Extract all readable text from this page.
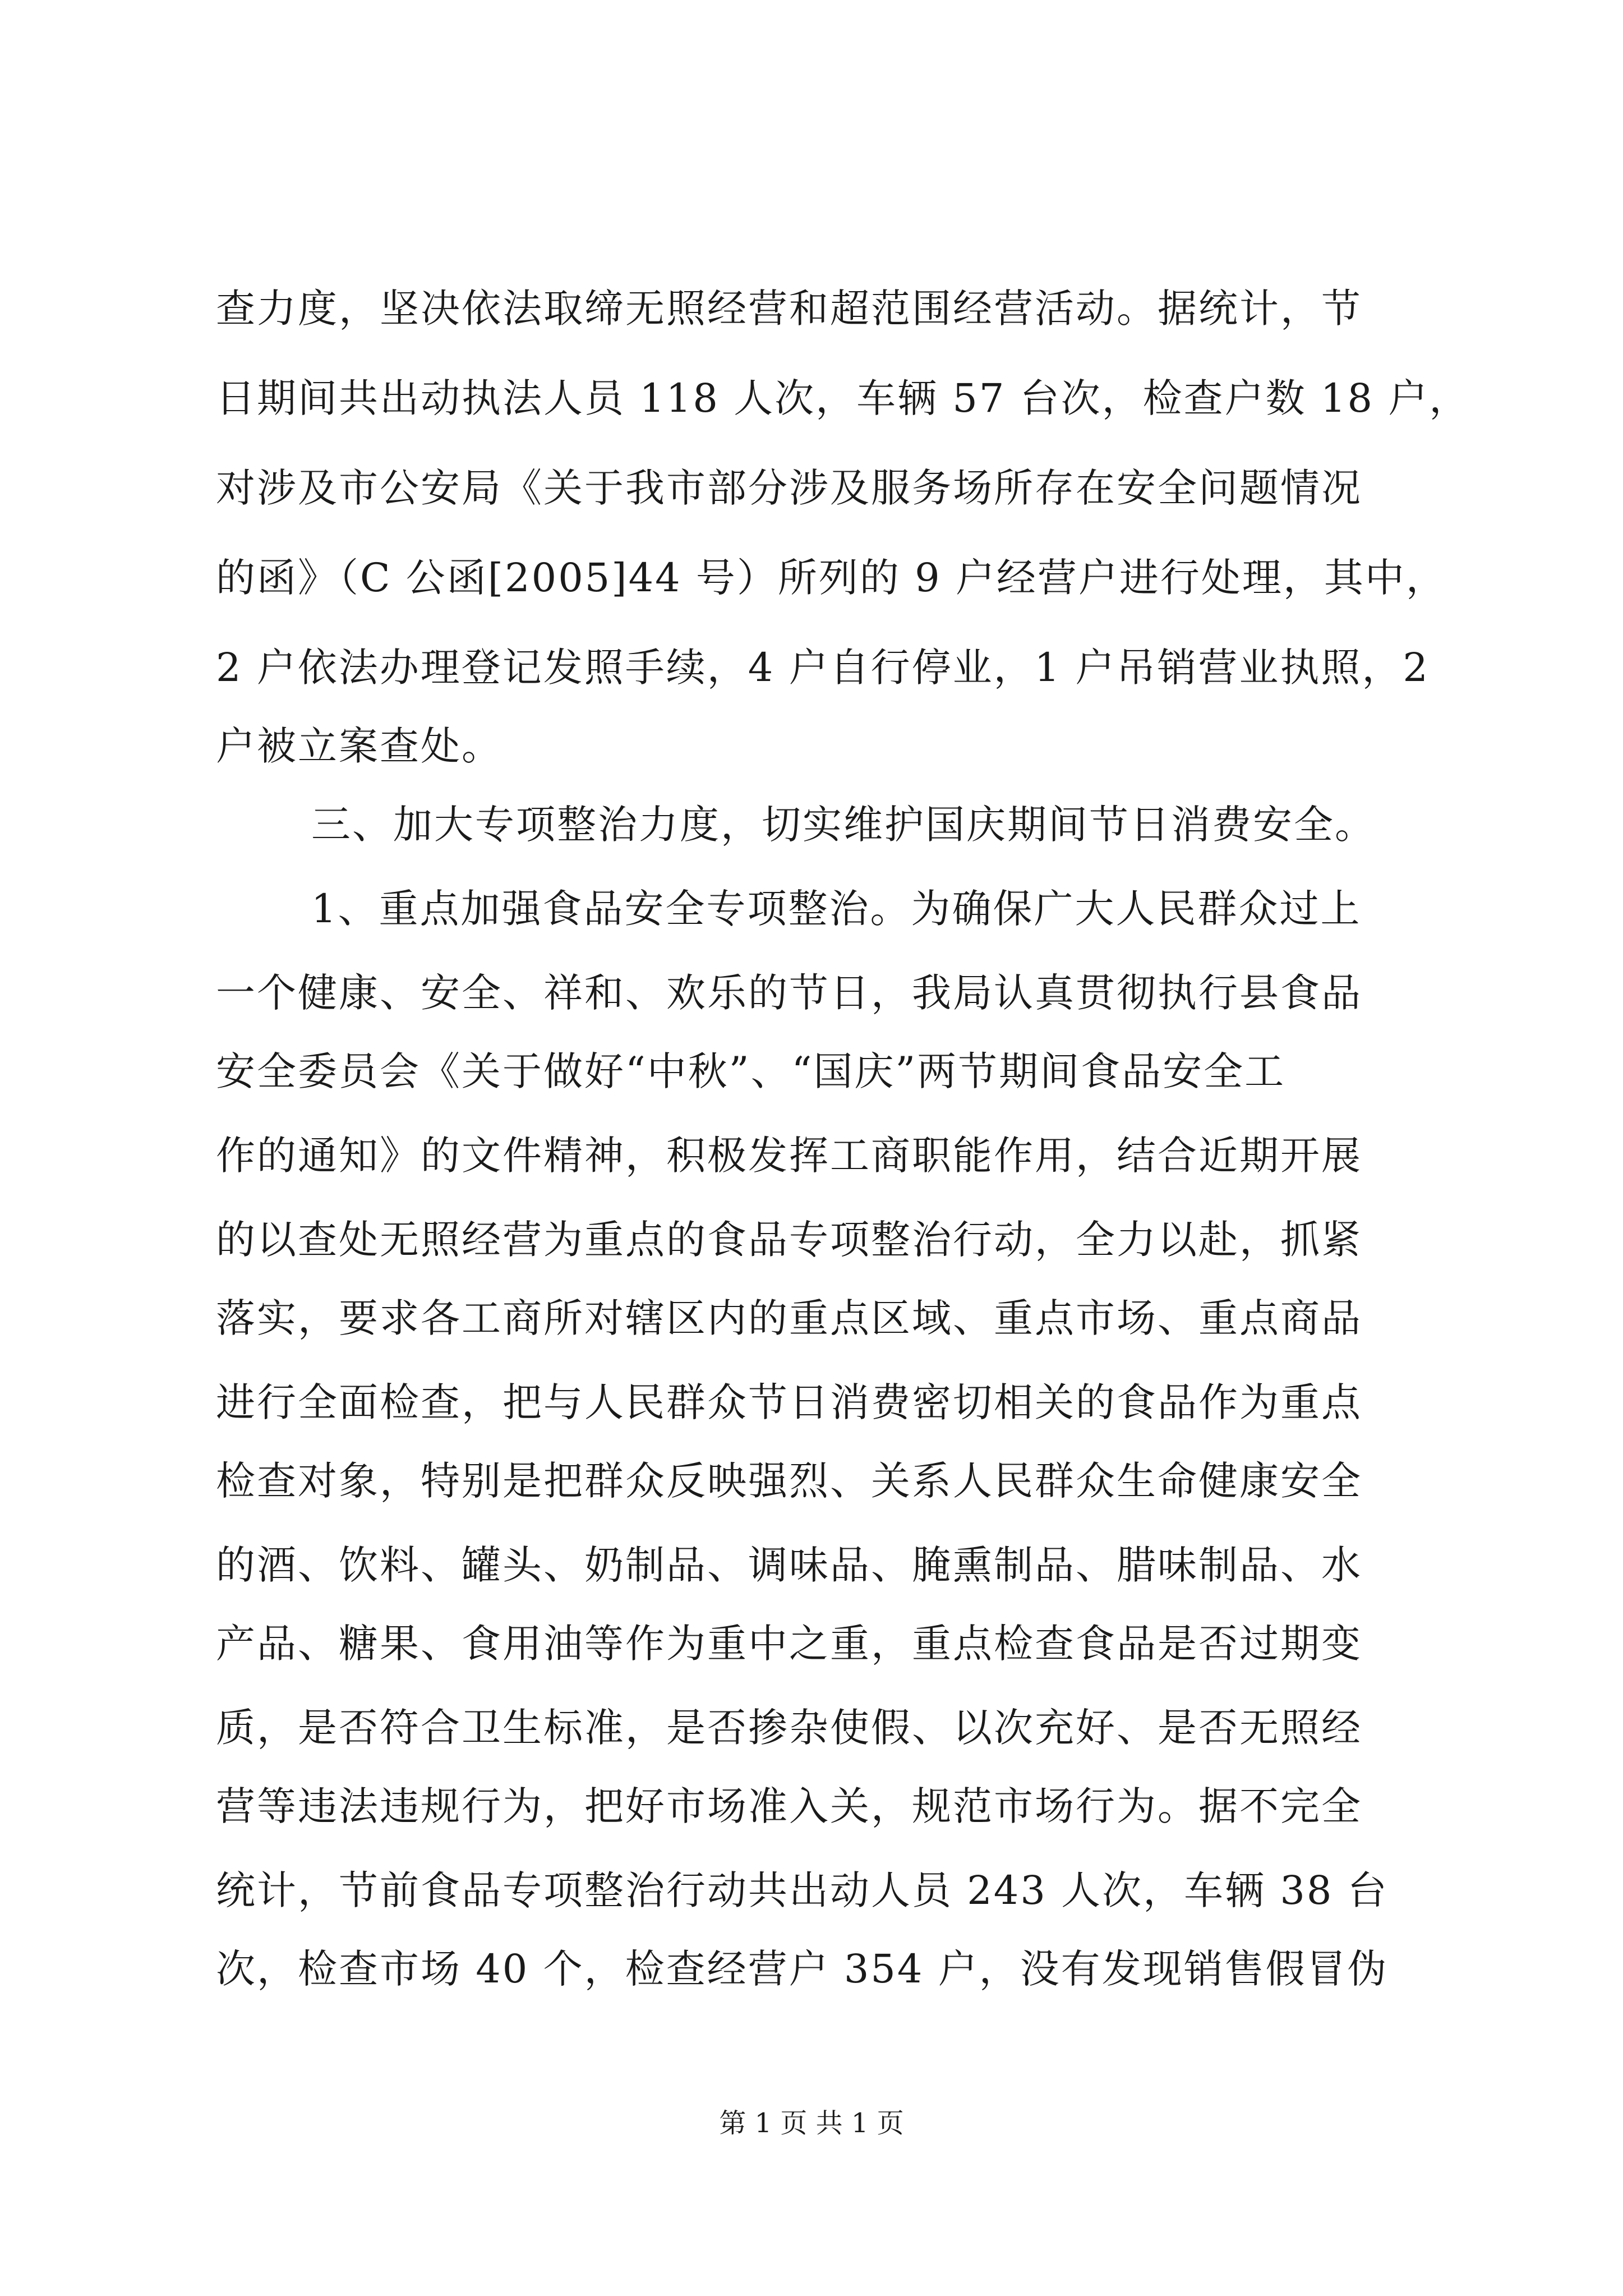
查力度，坚决依法取缔无照经营和超范围经营活动。据统计，节
日期间共出动执法人员 118 人次，车辆 57 台次，检查户数 18 户，
对涉及市公安局《关于我市部分涉及服务场所存在安全问题情况
的函》（C 公函[2005]44 号）所列的 9 户经营户进行处理，其中，
2 户依法办理登记发照手续，4 户自行停业，1 户吊销营业执照，2
户被立案查处。
三、加大专项整治力度，切实维护国庆期间节日消费安全。
1、重点加强食品安全专项整治。为确保广大人民群众过上
一个健康、安全、祥和、欢乐的节日，我局认真贯彻执行县食品
安全委员会《关于做好“中秋”、“国庆”两节期间食品安全工
作的通知》的文件精神，积极发挥工商职能作用，结合近期开展
的以查处无照经营为重点的食品专项整治行动，全力以赴，抓紧
落实，要求各工商所对辖区内的重点区域、重点市场、重点商品
进行全面检查，把与人民群众节日消费密切相关的食品作为重点
检查对象，特别是把群众反映强烈、关系人民群众生命健康安全
的酒、饮料、罐头、奶制品、调味品、腌熏制品、腊味制品、水
产品、糖果、食用油等作为重中之重，重点检查食品是否过期变
质，是否符合卫生标准，是否掺杂使假、以次充好、是否无照经
营等违法违规行为，把好市场准入关，规范市场行为。据不完全
统计，节前食品专项整治行动共出动人员 243 人次，车辆 38 台
次，检查市场 40 个，检查经营户 354 户，没有发现销售假冒伪
第 1 页 共 1 页
